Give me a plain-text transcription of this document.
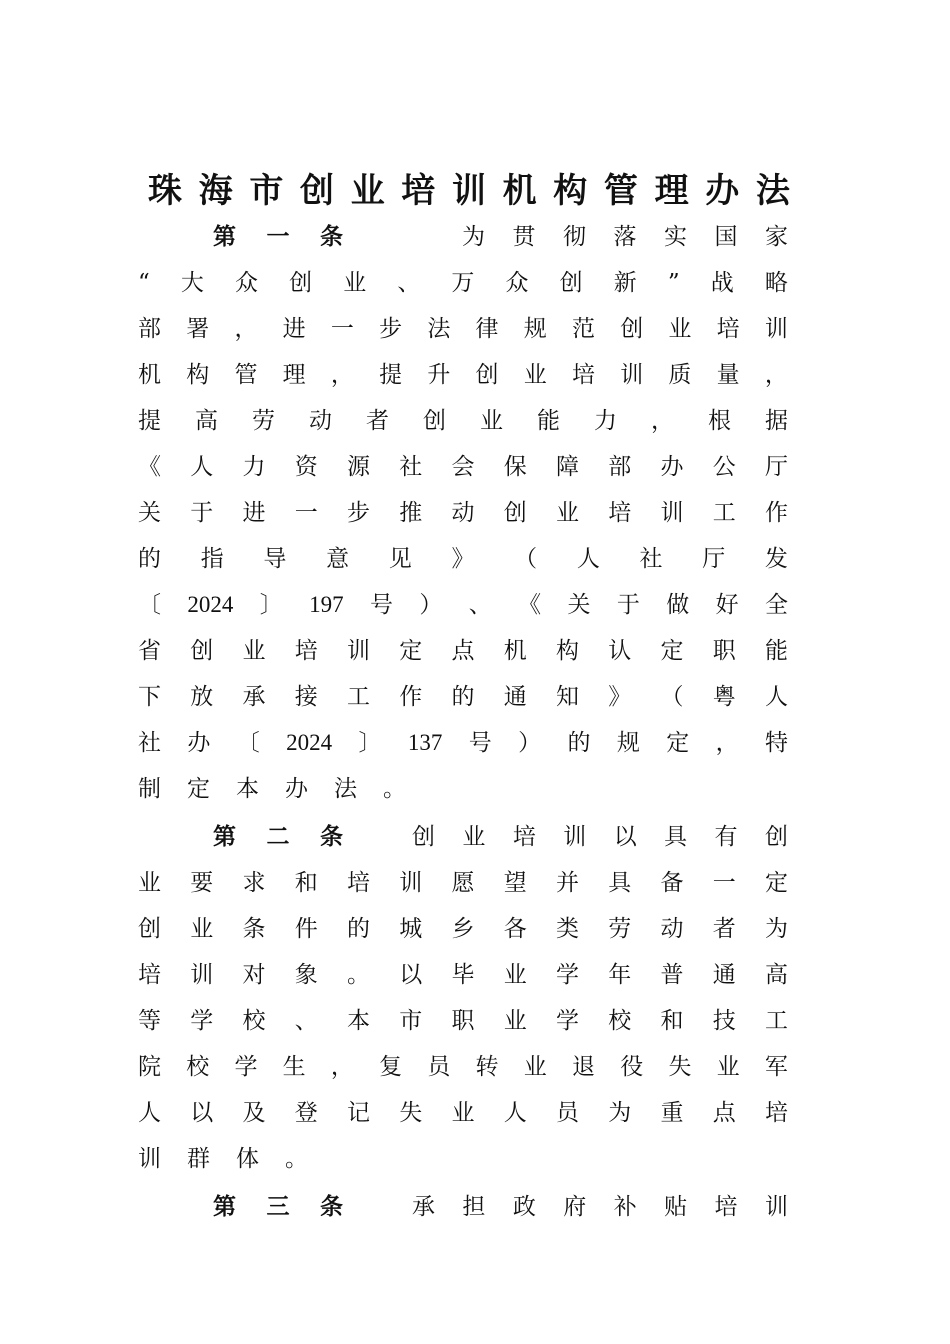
珠 海 市 创 业 培 训 机 构 管 理 办 法
第 一 条	为 贯 彻 落 实 国 家
“ 大 众 创 业 、 万 众 创 新 ” 战 略
部 署 ， 进 一 步 法 律 规 范 创 业 培 训
机 构 管 理 ， 提 升 创 业 培 训 质 量 ，
提 高 劳 动 者 创 业 能 力 ， 根 据
《 人 力 资 源 社 会 保 障 部 办 公 厅
关 于 进 一 步 推 动 创 业 培 训 工 作
的 指 导 意 见 》 （ 人 社 厅 发
〔 2024 〕 197 号 ） 、 《 关 于 做 好 全
省 创 业 培 训 定 点 机 构 认 定 职 能
下 放 承 接 工 作 的 通 知 》 （ 粤 人
社 办 〔 2024 〕 137 号 ） 的 规 定 ， 特
制 定 本 办 法 。
第 二 条	创 业 培 训 以 具 有 创
业 要 求 和 培 训 愿 望 并 具 备 一 定
创 业 条 件 的 城 乡 各 类 劳 动 者 为
培 训 对 象 。 以 毕 业 学 年 普 通 高
等 学 校 、 本 市 职 业 学 校 和 技 工
院 校 学 生 ， 复 员 转 业 退 役 失 业 军
人 以 及 登 记 失 业 人 员 为 重 点 培
训 群 体 。
第 三 条	承 担 政 府 补 贴 培 训
